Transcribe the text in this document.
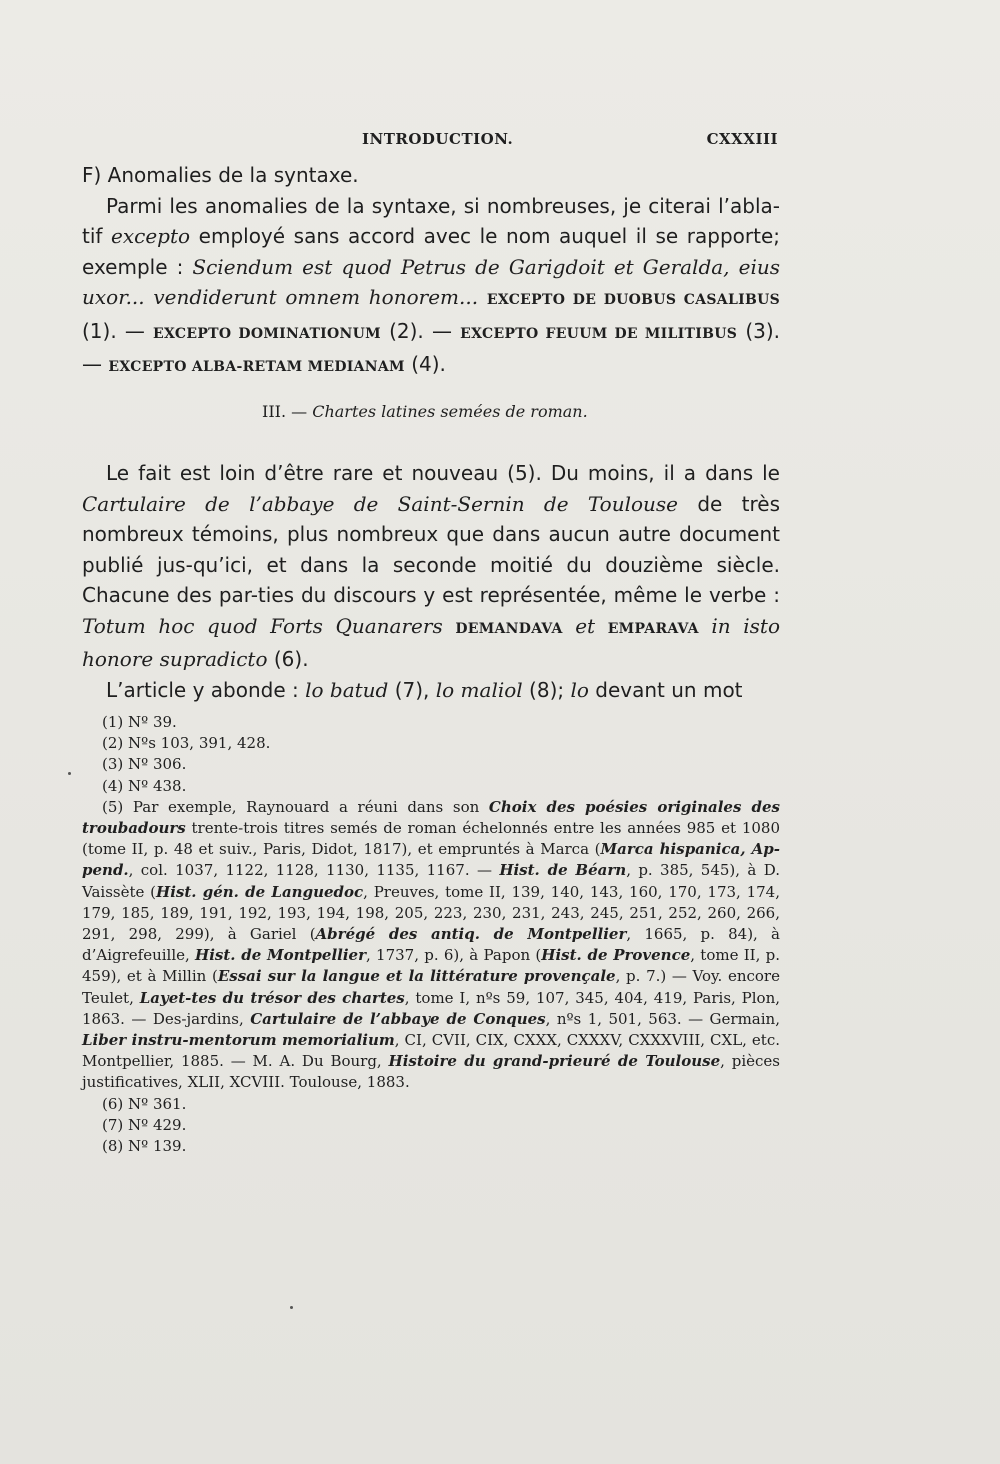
INTRODUCTION.	CXXXIII

F) Anomalies de la syntaxe.

Parmi les anomalies de la syntaxe, si nombreuses, je citerai l’abla-tif excepto employé sans accord avec le nom auquel il se rapporte; exemple : Sciendum est quod Petrus de Garigdoit et Geralda, eius uxor... vendiderunt omnem honorem... EXCEPTO DE DUOBUS CASALIBUS (1). — EXCEPTO DOMINATIONUM (2). — EXCEPTO FEUUM DE MILITIBUS (3). — EXCEPTO ALBA-RETAM MEDIANAM (4).

III. — Chartes latines semées de roman.

Le fait est loin d’être rare et nouveau (5). Du moins, il a dans le Cartulaire de l’abbaye de Saint-Sernin de Toulouse de très nombreux témoins, plus nombreux que dans aucun autre document publié jus-qu’ici, et dans la seconde moitié du douzième siècle. Chacune des par-ties du discours y est représentée, même le verbe : Totum hoc quod Forts Quanarers DEMANDAVA et EMPARAVA in isto honore supradicto (6).

L’article y abonde : lo batud (7), lo maliol (8); lo devant un mot

(1) Nº 39.

(2) Nºs 103, 391, 428.

(3) Nº 306.

(4) Nº 438.

(5) Par exemple, Raynouard a réuni dans son Choix des poésies originales des troubadours trente-trois titres semés de roman échelonnés entre les années 985 et 1080 (tome II, p. 48 et suiv., Paris, Didot, 1817), et empruntés à Marca (Marca hispanica, Ap-pend., col. 1037, 1122, 1128, 1130, 1135, 1167. — Hist. de Béarn, p. 385, 545), à D. Vaissète (Hist. gén. de Languedoc, Preuves, tome II, 139, 140, 143, 160, 170, 173, 174, 179, 185, 189, 191, 192, 193, 194, 198, 205, 223, 230, 231, 243, 245, 251, 252, 260, 266, 291, 298, 299), à Gariel (Abrégé des antiq. de Montpellier, 1665, p. 84), à d’Aigrefeuille, Hist. de Montpellier, 1737, p. 6), à Papon (Hist. de Provence, tome II, p. 459), et à Millin (Essai sur la langue et la littérature provençale, p. 7.) — Voy. encore Teulet, Layet-tes du trésor des chartes, tome I, nºs 59, 107, 345, 404, 419, Paris, Plon, 1863. — Des-jardins, Cartulaire de l’abbaye de Conques, nºs 1, 501, 563. — Germain, Liber instru-mentorum memorialium, CI, CVII, CIX, CXXX, CXXXV, CXXXVIII, CXL, etc. Montpellier, 1885. — M. A. Du Bourg, Histoire du grand-prieuré de Toulouse, pièces justificatives, XLII, XCVIII. Toulouse, 1883.

(6) Nº 361.

(7) Nº 429.

(8) Nº 139.
